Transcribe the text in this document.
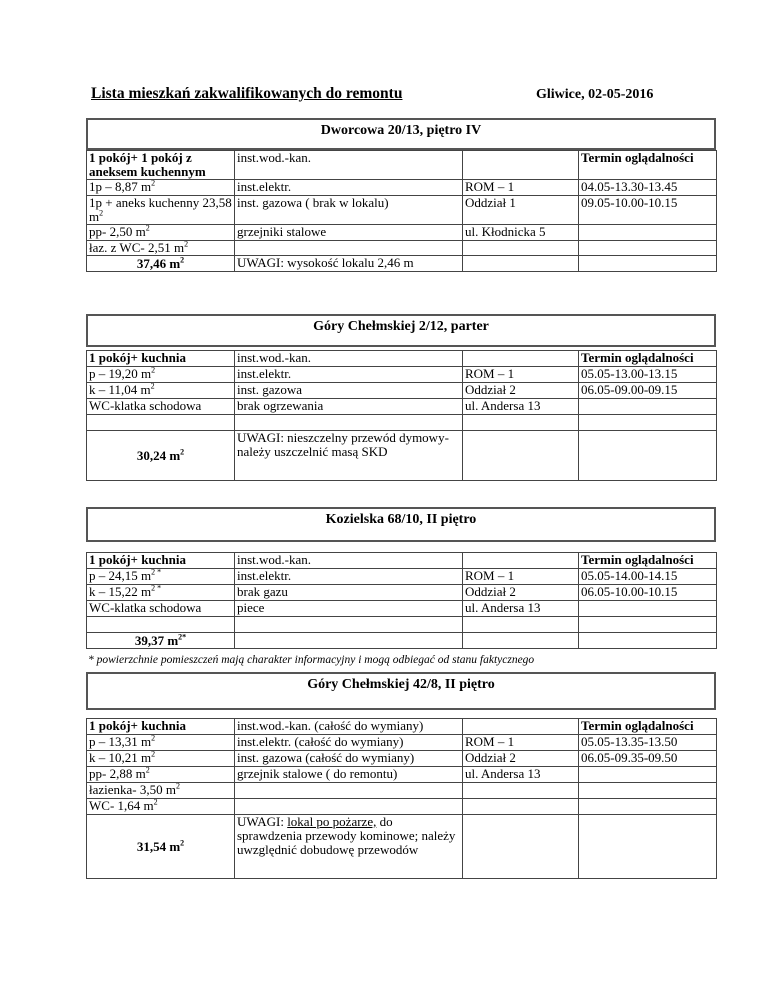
Lista mieszkań zakwalifikowanych do remontu	Gliwice, 02-05-2016
Dworcowa 20/13, piętro IV
1 pokój+ 1 pokój z aneksem kuchennym	inst.wod.-kan.		Termin oglądalności
1p – 8,87 $m^2$	inst.elektr.	ROM – 1	04.05-13.30-13.45
1p + aneks kuchenny 23,58 $m^2$	inst. gazowa ( brak w lokalu)	Oddział 1	09.05-10.00-10.15
pp- 2,50 $m^2$	grzejniki stalowe	ul. Kłodnicka 5	
łaz. z WC- 2,51 $m^2$			
37,46 $m^2$	UWAGI: wysokość lokalu 2,46 m		
Góry Chełmskiej 2/12, parter
1 pokój+ kuchnia	inst.wod.-kan.		Termin oglądalności
p – 19,20 $m^2$	inst.elektr.	ROM – 1	05.05-13.00-13.15
k – 11,04 $m^2$	inst. gazowa	Oddział 2	06.05-09.00-09.15
WC-klatka schodowa	brak ogrzewania	ul. Andersa 13	

30,24 $m^2$	UWAGI: nieszczelny przewód dymowy-należy uszczelnić masą SKD		
Kozielska 68/10, II piętro
1 pokój+ kuchnia	inst.wod.-kan.		Termin oglądalności
p – 24,15 $m^{2 *}$	inst.elektr.	ROM – 1	05.05-14.00-14.15
k – 15,22 $m^{2 *}$	brak gazu	Oddział 2	06.05-10.00-10.15
WC-klatka schodowa	piece	ul. Andersa 13	

39,37 $m^{2*}$			
* powierzchnie pomieszczeń mają charakter informacyjny i mogą odbiegać od stanu faktycznego
Góry Chełmskiej 42/8, II piętro
1 pokój+ kuchnia	inst.wod.-kan. (całość do wymiany)		Termin oglądalności
p – 13,31 $m^2$	inst.elektr. (całość do wymiany)	ROM – 1	05.05-13.35-13.50
k – 10,21 $m^2$	inst. gazowa (całość do wymiany)	Oddział 2	06.05-09.35-09.50
pp- 2,88 $m^2$	grzejnik stalowe ( do remontu)	ul. Andersa 13	
łazienka- 3,50 $m^2$			
WC- 1,64 $m^2$			
31,54 $m^2$	UWAGI: lokal po pożarze, do sprawdzenia przewody kominowe; należy uwzględnić dobudowę przewodów		
